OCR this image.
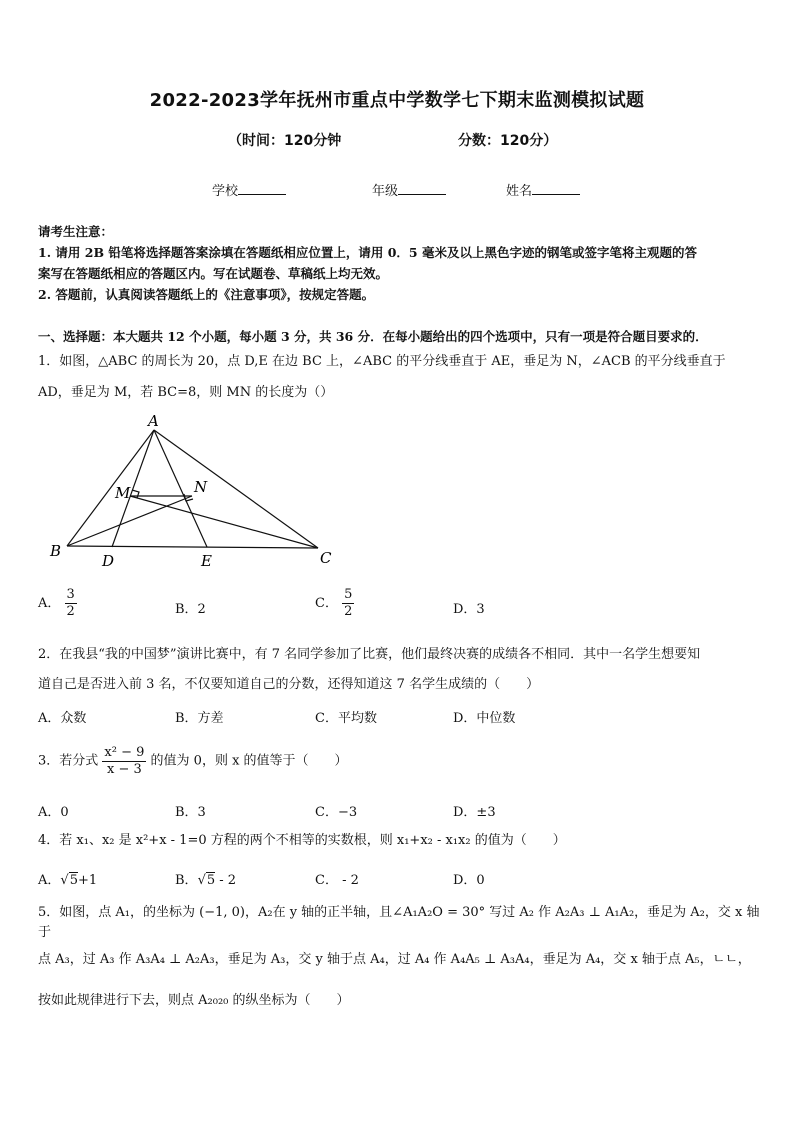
2022-2023学年抚州市重点中学数学七下期末监测模拟试题
（时间：120分钟	分数：120分）
学校	年级	姓名
请考生注意：
1. 请用 2B 铅笔将选择题答案涂填在答题纸相应位置上，请用 0．5 毫米及以上黑色字迹的钢笔或签字笔将主观题的答
案写在答题纸相应的答题区内。写在试题卷、草稿纸上均无效。
2. 答题前，认真阅读答题纸上的《注意事项》，按规定答题。
一、选择题：本大题共 12 个小题，每小题 3 分，共 36 分．在每小题给出的四个选项中，只有一项是符合题目要求的．
1．如图，△ABC 的周长为 20，点 D,E 在边 BC 上，∠ABC 的平分线垂直于 AE，垂足为 N，∠ACB 的平分线垂直于
AD，垂足为 M，若 BC=8，则 MN 的长度为（）
A
B	C
D	E
M	N
A． $\frac{3}{2}$	B．2	C． $\frac{5}{2}$	D．3
2．在我县“我的中国梦”演讲比赛中，有 7 名同学参加了比赛，他们最终决赛的成绩各不相同．其中一名学生想要知
道自己是否进入前 3 名，不仅要知道自己的分数，还得知道这 7 名学生成绩的（　　）
A．众数	B．方差	C．平均数	D．中位数
3．若分式 $\frac{\text{x² − 9}}{x - 3}$ 的值为 0，则 x 的值等于（　　）
A．0	B．3	C．−3	D．±3
4．若 x₁、x₂ 是 x²+x - 1=0 方程的两个不相等的实数根，则 x₁+x₂ - x₁x₂ 的值为（　　）
A．√5+1	B．√5 - 2	C． - 2	D．0
5．如图，点 A₁，的坐标为 (−1, 0)，A₂在 y 轴的正半轴，且∠A₁A₂O = 30° 写过 A₂ 作 A₂A₃ ⊥ A₁A₂，垂足为 A₂，交 x 轴于
点 A₃，过 A₃ 作 A₃A₄ ⊥ A₂A₃，垂足为 A₃，交 y 轴于点 A₄，过 A₄ 作 A₄A₅ ⊥ A₃A₄，垂足为 A₄，交 x 轴于点 A₅，ㄴㄴ，
按如此规律进行下去，则点 A₂₀₂₀ 的纵坐标为（　　）
